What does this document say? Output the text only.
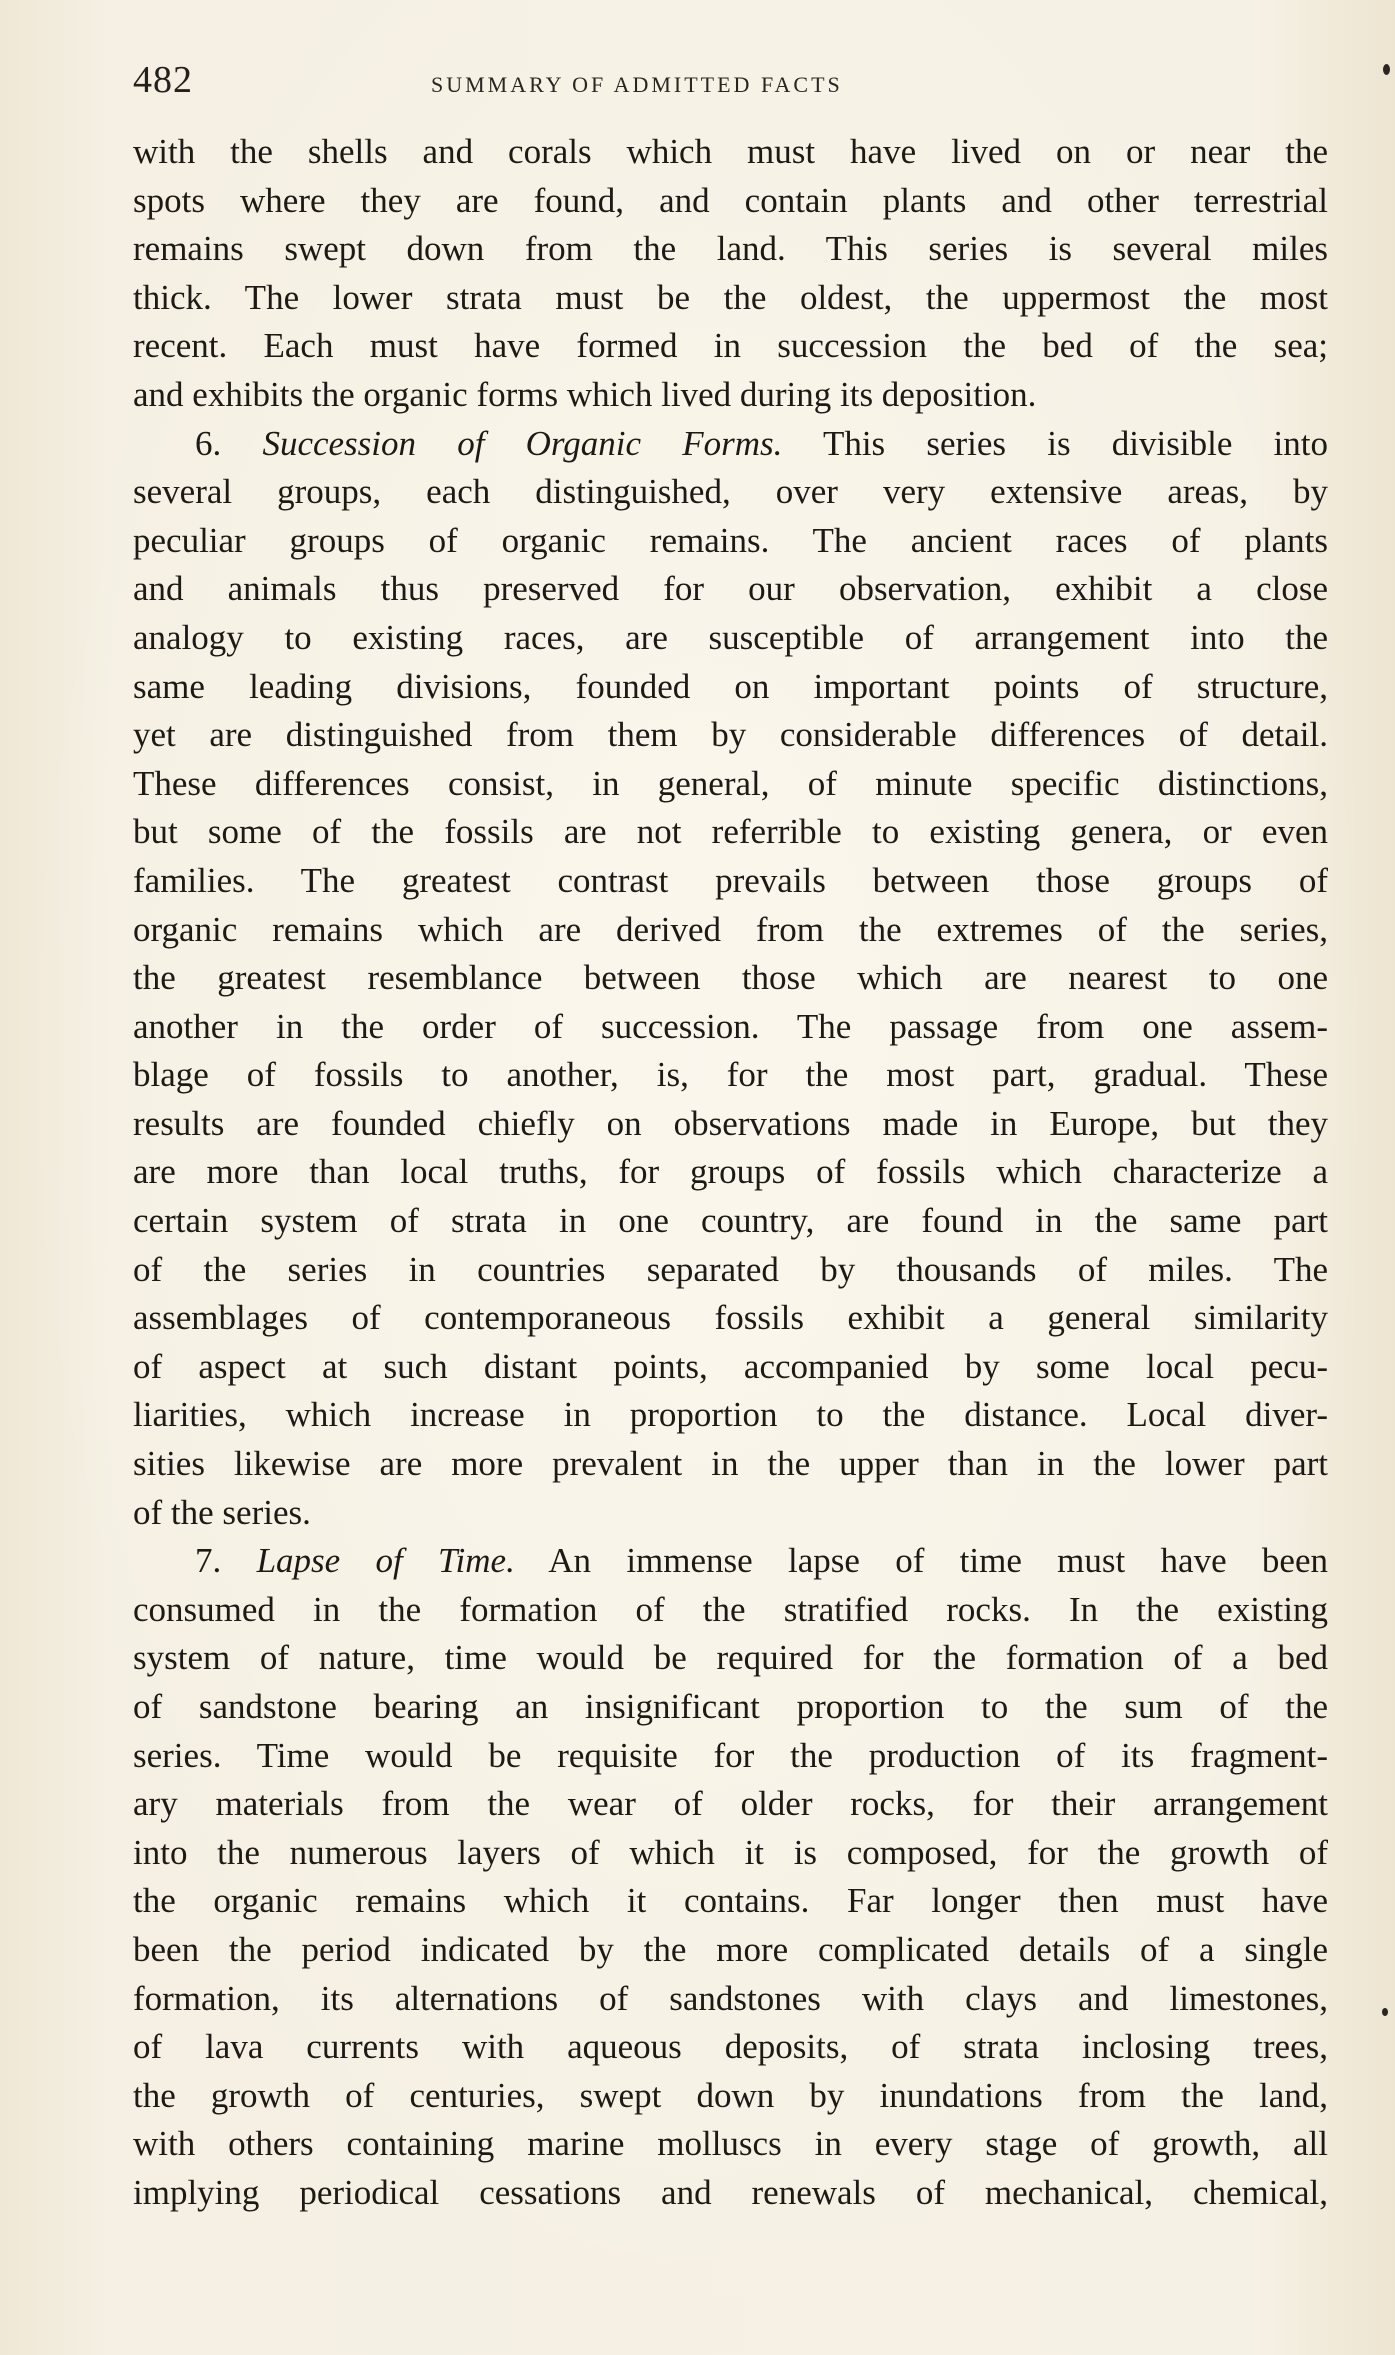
482	SUMMARY OF ADMITTED FACTS
with the shells and corals which must have lived on or near the
spots where they are found, and contain plants and other terrestrial
remains swept down from the land. This series is several miles
thick. The lower strata must be the oldest, the uppermost the most
recent. Each must have formed in succession the bed of the sea;
and exhibits the organic forms which lived during its deposition.
6. Succession of Organic Forms. This series is divisible into
several groups, each distinguished, over very extensive areas, by
peculiar groups of organic remains. The ancient races of plants
and animals thus preserved for our observation, exhibit a close
analogy to existing races, are susceptible of arrangement into the
same leading divisions, founded on important points of structure,
yet are distinguished from them by considerable differences of detail.
These differences consist, in general, of minute specific distinctions,
but some of the fossils are not referrible to existing genera, or even
families. The greatest contrast prevails between those groups of
organic remains which are derived from the extremes of the series,
the greatest resemblance between those which are nearest to one
another in the order of succession. The passage from one assem-
blage of fossils to another, is, for the most part, gradual. These
results are founded chiefly on observations made in Europe, but they
are more than local truths, for groups of fossils which characterize a
certain system of strata in one country, are found in the same part
of the series in countries separated by thousands of miles. The
assemblages of contemporaneous fossils exhibit a general similarity
of aspect at such distant points, accompanied by some local pecu-
liarities, which increase in proportion to the distance. Local diver-
sities likewise are more prevalent in the upper than in the lower part
of the series.
7. Lapse of Time. An immense lapse of time must have been
consumed in the formation of the stratified rocks. In the existing
system of nature, time would be required for the formation of a bed
of sandstone bearing an insignificant proportion to the sum of the
series. Time would be requisite for the production of its fragment-
ary materials from the wear of older rocks, for their arrangement
into the numerous layers of which it is composed, for the growth of
the organic remains which it contains. Far longer then must have
been the period indicated by the more complicated details of a single
formation, its alternations of sandstones with clays and limestones,
of lava currents with aqueous deposits, of strata inclosing trees,
the growth of centuries, swept down by inundations from the land,
with others containing marine molluscs in every stage of growth, all
implying periodical cessations and renewals of mechanical, chemical,
